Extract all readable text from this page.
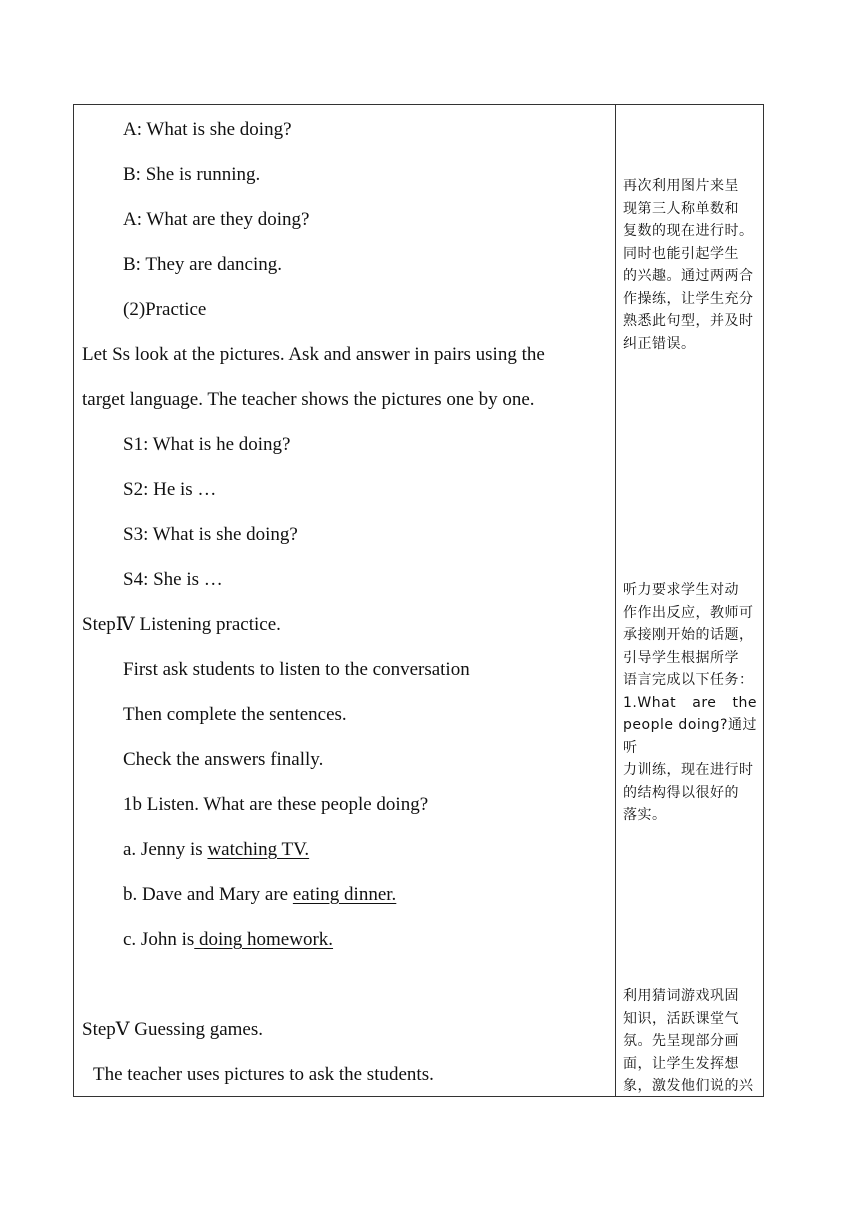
A: What is she doing?
B: She is running.
A: What are they doing?
B: They are dancing.
(2)Practice
Let Ss look at the pictures. Ask and answer in pairs using the
target language. The teacher shows the pictures one by one.
S1: What is he doing?
S2: He is …
S3: What is she doing?
S4: She is …
StepⅣ Listening practice.
First ask students to listen to the conversation
Then complete the sentences.
Check the answers finally.
1b Listen. What are these people doing?
a. Jenny is watching TV.
b. Dave and Mary are eating dinner.
c. John is doing homework.
StepⅤ Guessing games.
The teacher uses pictures to ask the students.
再次利用图片来呈
现第三人称单数和
复数的现在进行时。
同时也能引起学生
的兴趣。通过两两合
作操练，让学生充分
熟悉此句型，并及时
纠正错误。
听力要求学生对动
作作出反应，教师可
承接刚开始的话题，
引导学生根据所学
语言完成以下任务：
1.What are the
people doing?通过听
力训练，现在进行时
的结构得以很好的
落实。
利用猜词游戏巩固
知识，活跃课堂气
氛。先呈现部分画
面，让学生发挥想
象，激发他们说的兴
